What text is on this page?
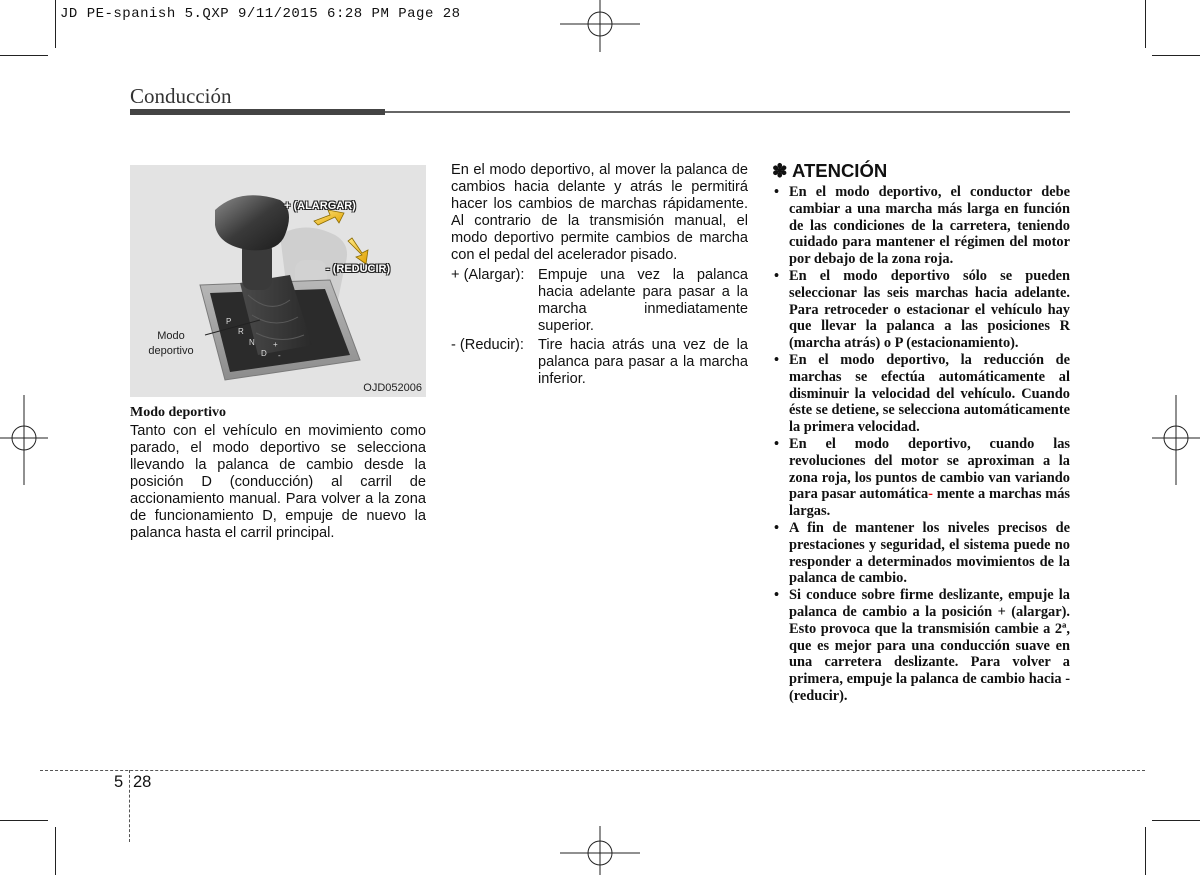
JD PE-spanish 5.QXP 9/11/2015 6:28 PM Page 28
Conducción
+ (ALARGAR)
- (REDUCIR)
Modo
deportivo
P
R
N
D
+
-
OJD052006
Modo deportivo
Tanto con el vehículo en movimiento como parado, el modo deportivo se selecciona llevando la palanca de cambio desde la posición D (conducción) al carril de accionamiento manual. Para volver a la zona de funcionamiento D, empuje de nuevo la palanca hasta el carril principal.

En el modo deportivo, al mover la palanca de cambios hacia delante y atrás le permitirá hacer los cambios de marchas rápidamente. Al contrario de la transmisión manual, el modo deportivo permite cambios de marcha con el pedal del acelerador pisado.

+ (Alargar): Empuje una vez la palanca hacia adelante para pasar a la marcha inmediatamente superior.
- (Reducir): Tire hacia atrás una vez de la palanca para pasar a la marcha inferior.
✽ ATENCIÓN
• En el modo deportivo, el conductor debe cambiar a una marcha más larga en función de las condiciones de la carretera, teniendo cuidado para mantener el régimen del motor por debajo de la zona roja.
• En el modo deportivo sólo se pueden seleccionar las seis marchas hacia adelante. Para retroceder o estacionar el vehículo hay que llevar la palanca a las posiciones R (marcha atrás) o P (estacionamiento).
• En el modo deportivo, la reducción de marchas se efectúa automáticamente al disminuir la velocidad del vehículo. Cuando éste se detiene, se selecciona automáticamente la primera velocidad.
• En el modo deportivo, cuando las revoluciones del motor se aproximan a la zona roja, los puntos de cambio van variando para pasar automática- mente a marchas más largas.
• A fin de mantener los niveles precisos de prestaciones y seguridad, el sistema puede no responder a determinados movimientos de la palanca de cambio.
• Si conduce sobre firme deslizante, empuje la palanca de cambio a la posición + (alargar). Esto provoca que la transmisión cambie a 2ª, que es mejor para una conducción suave en una carretera deslizante. Para volver a primera, empuje la palanca de cambio hacia - (reducir).
5 28
